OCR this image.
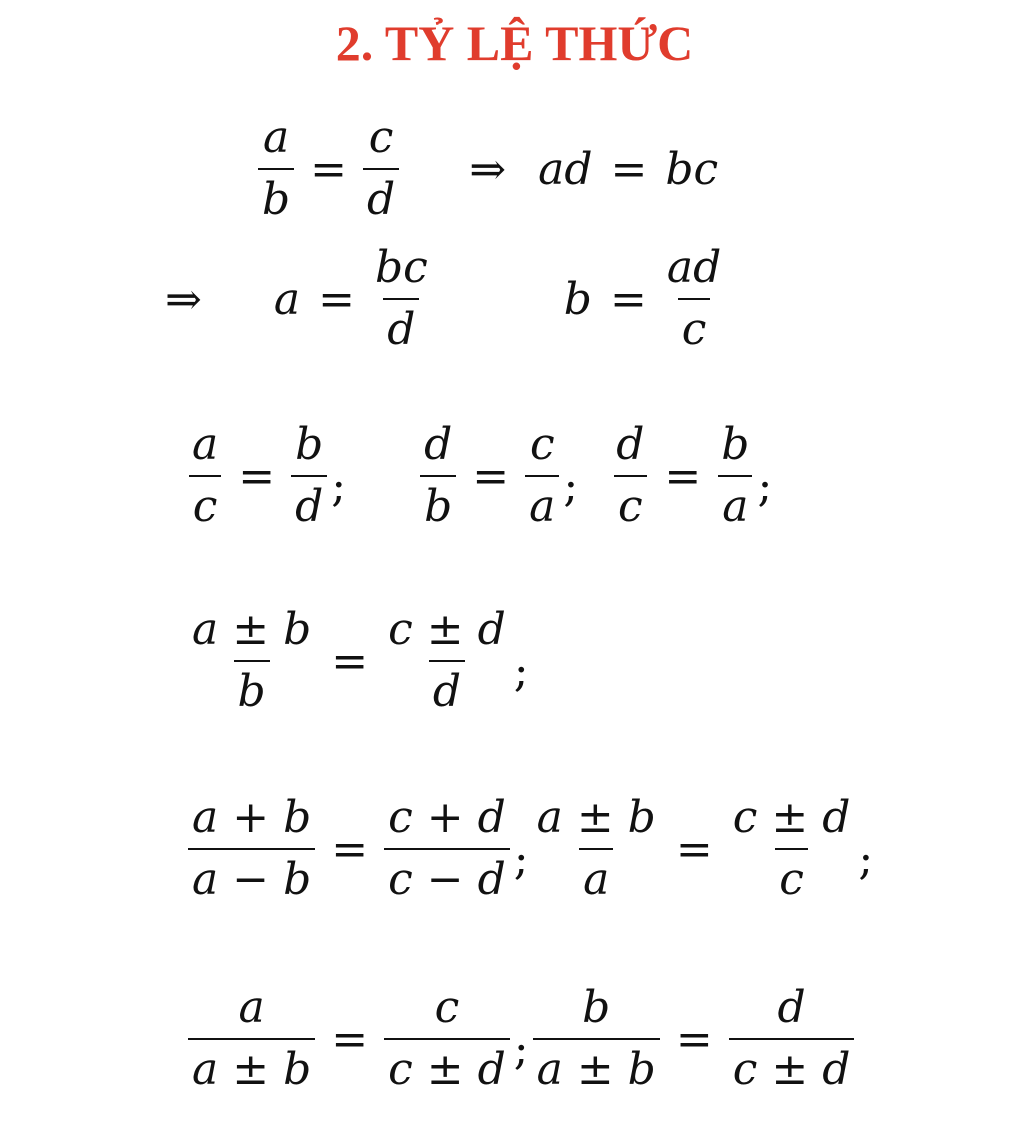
2. TỶ LỆ THỨC
$\frac{a}{b} = \frac{c}{d}$ ⇒ ad = bc
⇒ $a = \frac{bc}{d}$	$b = \frac{ad}{c}$
$\frac{a}{c} = \frac{b}{d}$ ; $\frac{d}{b} = \frac{c}{a}$ ; $\frac{d}{c} = \frac{b}{a}$ ;
$\frac{a \pm b}{b} = \frac{c \pm d}{d}$ ;
$\frac{a + b}{a - b} = \frac{c + d}{c - d}$ ; $\frac{a \pm b}{a} = \frac{c \pm d}{c}$ ;
$\frac{a}{a \pm b} = \frac{c}{c \pm d}$ ; $\frac{b}{a \pm b} = \frac{d}{c \pm d}$
